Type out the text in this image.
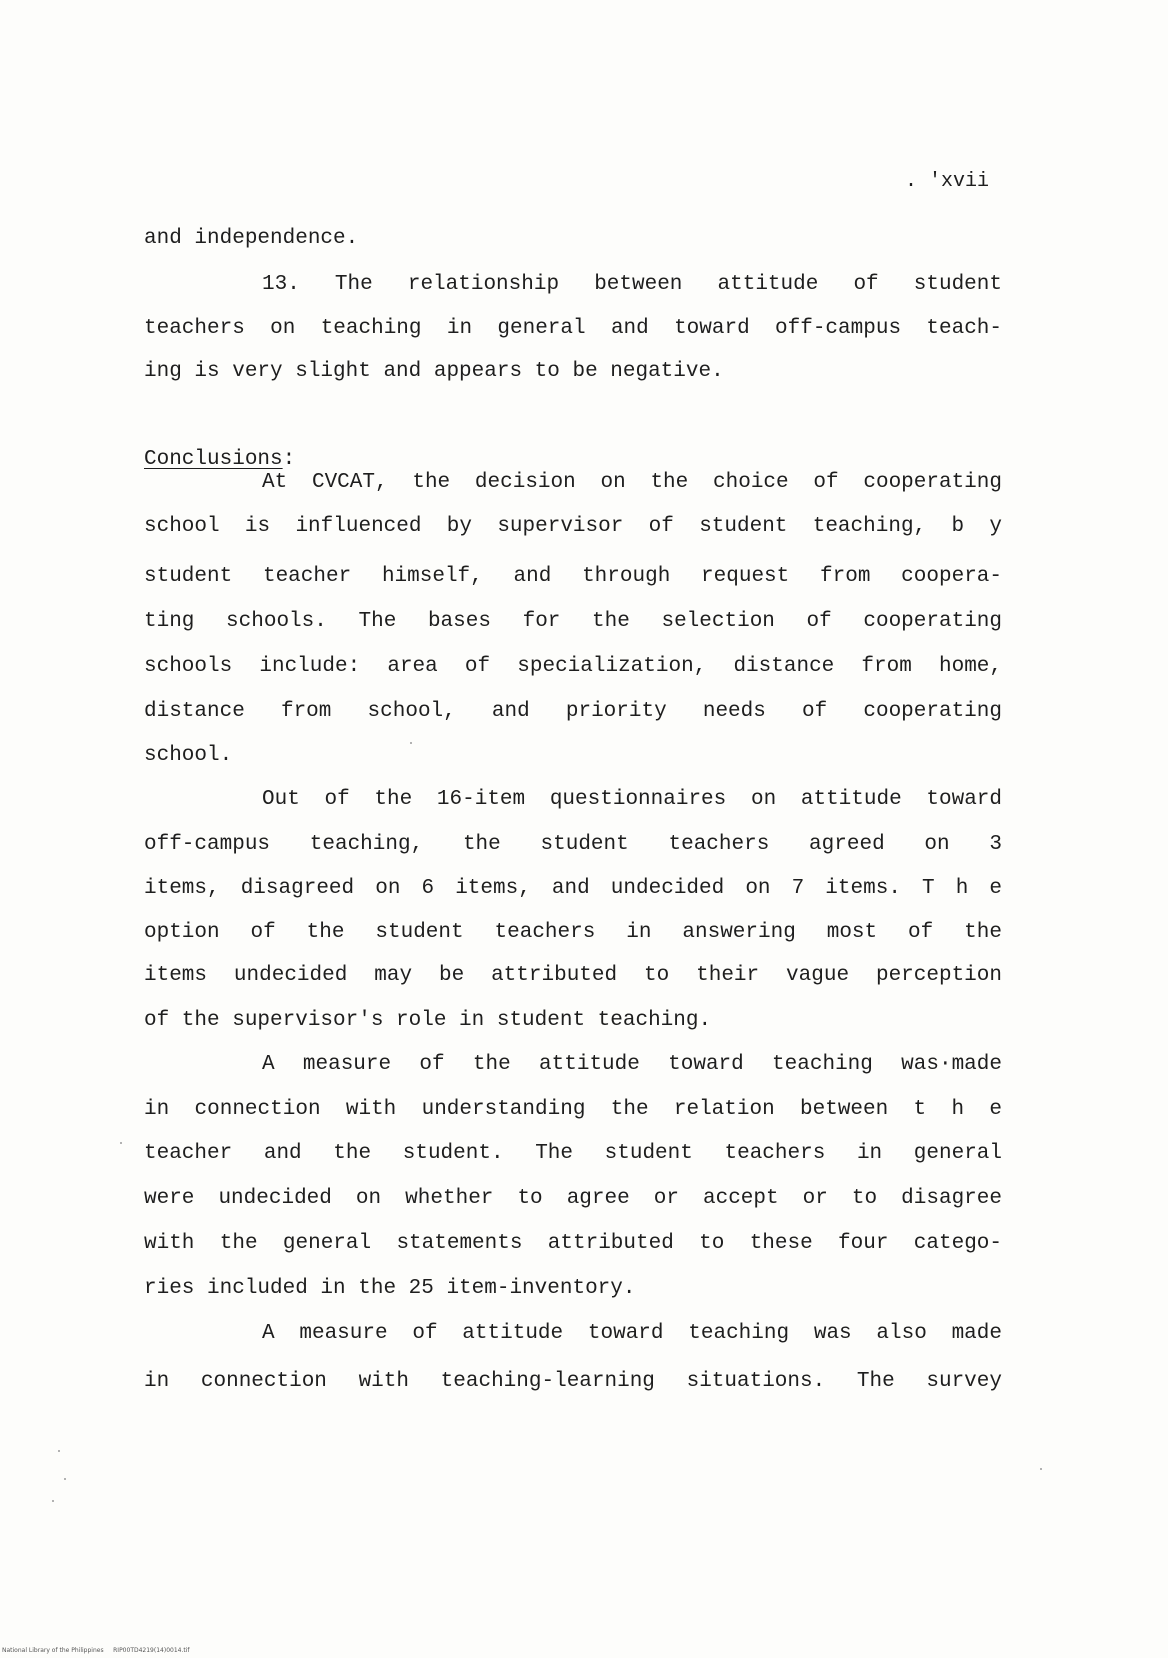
. 'xvii
and independence.
13. The relationship between attitude of student
teachers on teaching in general and toward off-campus teach-
ing is very slight and appears to be negative.
Conclusions:
At CVCAT, the decision on the choice of cooperating
school is influenced by supervisor of student teaching, b y
student teacher himself, and through request from coopera-
ting schools. The bases for the selection of cooperating
schools include: area of specialization, distance from home,
distance from school, and priority needs of cooperating
school.
Out of the 16-item questionnaires on attitude toward
off-campus teaching, the student teachers agreed on 3
items, disagreed on 6 items, and undecided on 7 items. T h e
option of the student teachers in answering most of the
items undecided may be attributed to their vague perception
of the supervisor's role in student teaching.
A measure of the attitude toward teaching was·made
in connection with understanding the relation between t h e
teacher and the student. The student teachers in general
were undecided on whether to agree or accept or to disagree
with the general statements attributed to these four catego-
ries included in the 25 item-inventory.
A measure of attitude toward teaching was also made
in connection with teaching-learning situations. The survey
National Library of the Philippines RIP00TD4219(14)0014.tif
